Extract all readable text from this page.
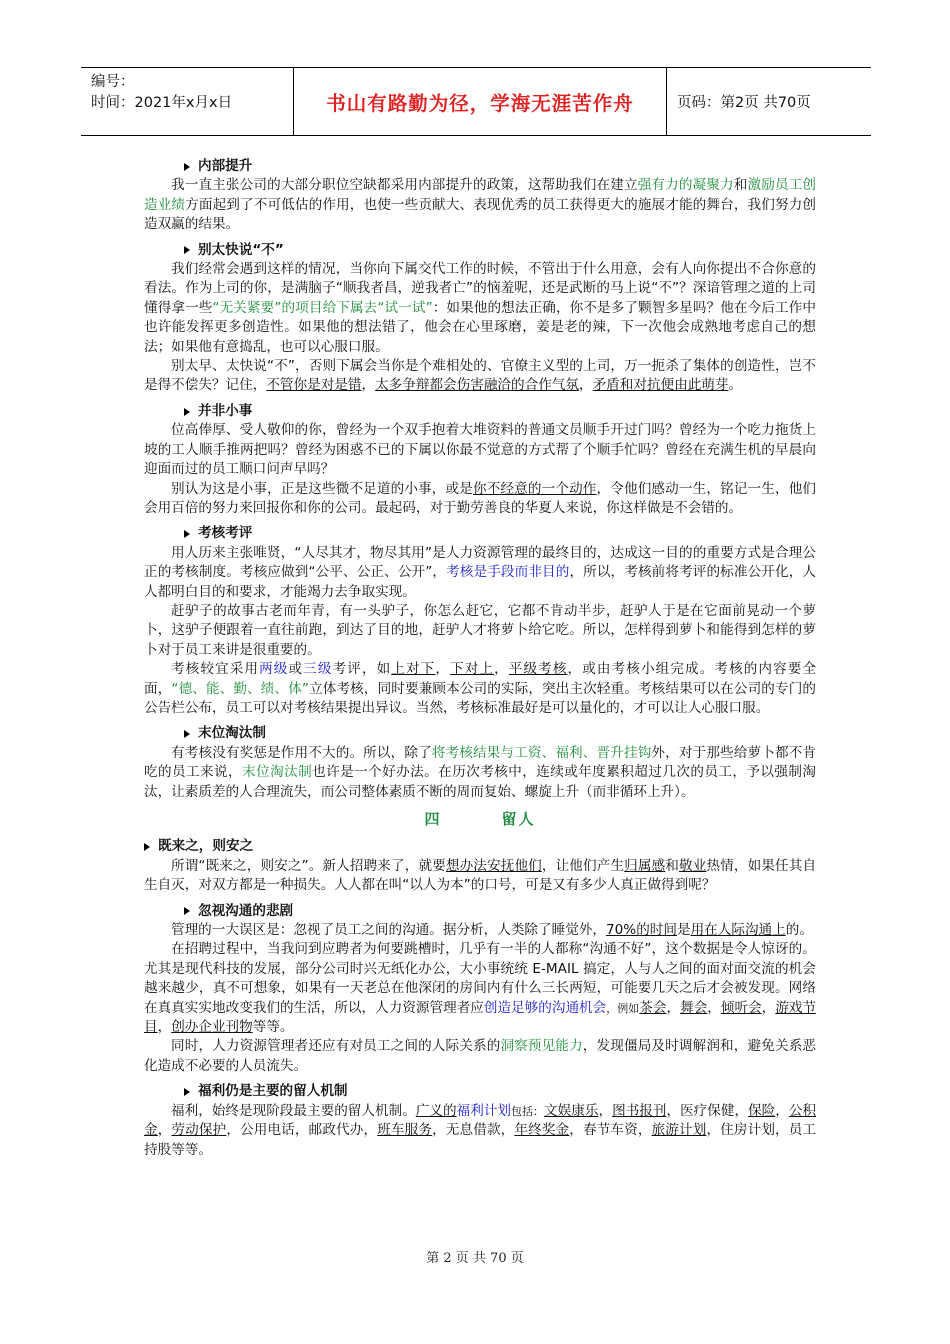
编号：
时间：2021年x月x日	书山有路勤为径，学海无涯苦作舟	页码：第2页 共70页
内部提升

我一直主张公司的大部分职位空缺都采用内部提升的政策，这帮助我们在建立强有力的凝聚力和激励员工创造业绩方面起到了不可低估的作用，也使一些贡献大、表现优秀的员工获得更大的施展才能的舞台，我们努力创造双赢的结果。

别太快说“不”

我们经常会遇到这样的情况，当你向下属交代工作的时候，不管出于什么用意，会有人向你提出不合你意的看法。作为上司的你，是满脑子“顺我者昌，逆我者亡”的恼羞呢，还是武断的马上说“不”？深谙管理之道的上司懂得拿一些“无关紧要”的项目给下属去“试一试”：如果他的想法正确，你不是多了颗智多星吗？他在今后工作中也许能发挥更多创造性。如果他的想法错了，他会在心里琢磨，姜是老的辣，下一次他会成熟地考虑自己的想法；如果他有意捣乱，也可以心服口服。

别太早、太快说“不”，否则下属会当你是个难相处的、官僚主义型的上司，万一扼杀了集体的创造性，岂不是得不偿失？记住，不管你是对是错，太多争辩都会伤害融洽的合作气氛，矛盾和对抗便由此萌芽。

并非小事

位高俸厚、受人敬仰的你，曾经为一个双手抱着大堆资料的普通文员顺手开过门吗？曾经为一个吃力拖货上坡的工人顺手推两把吗？曾经为困惑不已的下属以你最不觉意的方式帮了个顺手忙吗？曾经在充满生机的早晨向迎面而过的员工顺口问声早吗？

别认为这是小事，正是这些微不足道的小事，或是你不经意的一个动作，令他们感动一生，铭记一生，他们会用百倍的努力来回报你和你的公司。最起码，对于勤劳善良的华夏人来说，你这样做是不会错的。

考核考评

用人历来主张唯贤，“人尽其才，物尽其用”是人力资源管理的最终目的，达成这一目的的重要方式是合理公正的考核制度。考核应做到“公平、公正、公开”，考核是手段而非目的，所以，考核前将考评的标准公开化，人人都明白目的和要求，才能竭力去争取实现。

赶驴子的故事古老而年青，有一头驴子，你怎么赶它，它都不肯动半步，赶驴人于是在它面前晃动一个萝卜，这驴子便跟着一直往前跑，到达了目的地，赶驴人才将萝卜给它吃。所以，怎样得到萝卜和能得到怎样的萝卜对于员工来讲是很重要的。

考核较宜采用两级或三级考评，如上对下，下对上，平级考核，或由考核小组完成。考核的内容要全面，“德、能、勤、绩、体”立体考核，同时要兼顾本公司的实际，突出主次轻重。考核结果可以在公司的专门的公告栏公布，员工可以对考核结果提出异议。当然，考核标准最好是可以量化的，才可以让人心服口服。

末位淘汰制

有考核没有奖惩是作用不大的。所以，除了将考核结果与工资、福利、晋升挂钩外，对于那些给萝卜都不肯吃的员工来说，末位淘汰制也许是一个好办法。在历次考核中，连续或年度累积超过几次的员工，予以强制淘汰，让素质差的人合理流失，而公司整体素质不断的周而复始、螺旋上升（而非循环上升）。

四	留人
既来之，则安之

所谓“既来之，则安之”。新人招聘来了，就要想办法安抚他们，让他们产生归属感和敬业热情，如果任其自生自灭，对双方都是一种损失。人人都在叫“以人为本”的口号，可是又有多少人真正做得到呢？

忽视沟通的悲剧

管理的一大误区是：忽视了员工之间的沟通。据分析，人类除了睡觉外，70%的时间是用在人际沟通上的。

在招聘过程中，当我问到应聘者为何要跳槽时，几乎有一半的人都称“沟通不好”，这个数据是令人惊讶的。尤其是现代科技的发展，部分公司时兴无纸化办公，大小事统统 E-MAIL 搞定，人与人之间的面对面交流的机会越来越少，真不可想象，如果有一天老总在他深闭的房间内有什么三长两短，可能要几天之后才会被发现。网络在真真实实地改变我们的生活，所以，人力资源管理者应创造足够的沟通机会，例如茶会，舞会，倾听会，游戏节目，创办企业刊物等等。

同时，人力资源管理者还应有对员工之间的人际关系的洞察预见能力，发现僵局及时调解润和，避免关系恶化造成不必要的人员流失。

福利仍是主要的留人机制

福利，始终是现阶段最主要的留人机制。广义的福利计划包括：文娱康乐，图书报刊，医疗保健，保险，公积金，劳动保护，公用电话，邮政代办，班车服务，无息借款，年终奖金，春节车资，旅游计划，住房计划，员工持股等等。

第 2 页 共 70 页
